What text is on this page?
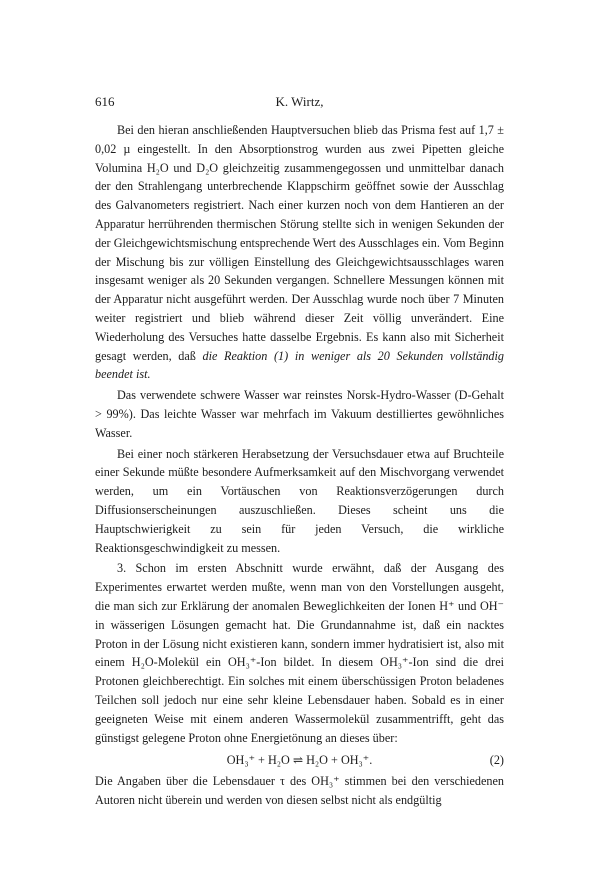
616	K. Wirtz,

Bei den hieran anschließenden Hauptversuchen blieb das Prisma fest auf 1,7 ± 0,02 µ eingestellt. In den Absorptionstrog wurden aus zwei Pipetten gleiche Volumina H₂O und D₂O gleichzeitig zusammengegossen und unmittelbar danach der den Strahlengang unterbrechende Klappschirm geöffnet sowie der Ausschlag des Galvanometers registriert. Nach einer kurzen noch von dem Hantieren an der Apparatur herrührenden thermischen Störung stellte sich in wenigen Sekunden der der Gleichgewichtsmischung entsprechende Wert des Ausschlages ein. Vom Beginn der Mischung bis zur völligen Einstellung des Gleichgewichtsausschlages waren insgesamt weniger als 20 Sekunden vergangen. Schnellere Messungen können mit der Apparatur nicht ausgeführt werden. Der Ausschlag wurde noch über 7 Minuten weiter registriert und blieb während dieser Zeit völlig unverändert. Eine Wiederholung des Versuches hatte dasselbe Ergebnis. Es kann also mit Sicherheit gesagt werden, daß die Reaktion (1) in weniger als 20 Sekunden vollständig beendet ist.

Das verwendete schwere Wasser war reinstes Norsk-Hydro-Wasser (D-Gehalt > 99%). Das leichte Wasser war mehrfach im Vakuum destilliertes gewöhnliches Wasser.

Bei einer noch stärkeren Herabsetzung der Versuchsdauer etwa auf Bruchteile einer Sekunde müßte besondere Aufmerksamkeit auf den Mischvorgang verwendet werden, um ein Vortäuschen von Reaktionsverzögerungen durch Diffusionserscheinungen auszuschließen. Dieses scheint uns die Hauptschwierigkeit zu sein für jeden Versuch, die wirkliche Reaktionsgeschwindigkeit zu messen.

3. Schon im ersten Abschnitt wurde erwähnt, daß der Ausgang des Experimentes erwartet werden mußte, wenn man von den Vorstellungen ausgeht, die man sich zur Erklärung der anomalen Beweglichkeiten der Ionen H⁺ und OH⁻ in wässerigen Lösungen gemacht hat. Die Grundannahme ist, daß ein nacktes Proton in der Lösung nicht existieren kann, sondern immer hydratisiert ist, also mit einem H₂O-Molekül ein OH₃⁺-Ion bildet. In diesem OH₃⁺-Ion sind die drei Protonen gleichberechtigt. Ein solches mit einem überschüssigen Proton beladenes Teilchen soll jedoch nur eine sehr kleine Lebensdauer haben. Sobald es in einer geeigneten Weise mit einem anderen Wassermolekül zusammentrifft, geht das günstigst gelegene Proton ohne Energietönung an dieses über:

OH₃⁺ + H₂O ⇌ H₂O + OH₃⁺.	(2)

Die Angaben über die Lebensdauer τ des OH₃⁺ stimmen bei den verschiedenen Autoren nicht überein und werden von diesen selbst nicht als endgültig
